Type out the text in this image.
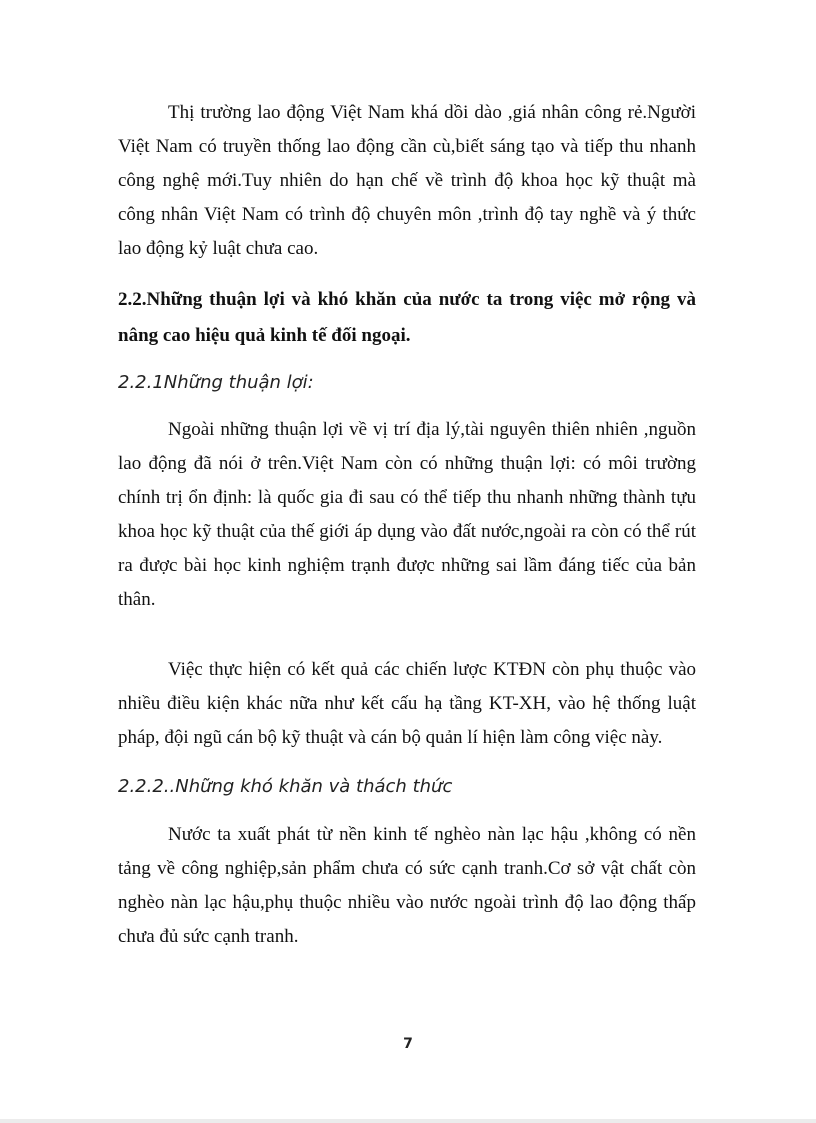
Thị trường lao động Việt Nam khá dồi dào ,giá nhân công rẻ.Người Việt Nam có truyền thống lao động cần cù,biết sáng tạo và tiếp thu nhanh công nghệ mới.Tuy nhiên do hạn chế về trình độ khoa học kỹ thuật mà công nhân Việt Nam có trình độ chuyên môn ,trình độ tay nghề và ý thức lao động kỷ luật chưa cao.

2.2.Những thuận lợi và khó khăn của nước ta trong việc mở rộng và nâng cao hiệu quả kinh tế đối ngoại.

2.2.1Những thuận lợi:

Ngoài những thuận lợi về vị trí địa lý,tài nguyên thiên nhiên ,nguồn lao động đã nói ở trên.Việt Nam còn có những thuận lợi: có môi trường chính trị ổn định: là quốc gia đi sau có thể tiếp thu nhanh những thành tựu khoa học kỹ thuật của thế giới áp dụng vào đất nước,ngoài ra còn có thể rút ra được bài học kinh nghiệm trạnh được những sai lầm đáng tiếc của bản thân.

Việc thực hiện có kết quả các chiến lược KTĐN còn phụ thuộc vào nhiều điều kiện khác nữa như kết cấu hạ tầng KT-XH, vào hệ thống luật pháp, đội ngũ cán bộ kỹ thuật và cán bộ quản lí hiện làm công việc này.

2.2.2..Những khó khăn và thách thức

Nước ta xuất phát từ nền kinh tế nghèo nàn lạc hậu ,không có nền tảng về công nghiệp,sản phẩm chưa có sức cạnh tranh.Cơ sở vật chất còn nghèo nàn lạc hậu,phụ thuộc nhiều vào nước ngoài trình độ lao động thấp chưa đủ sức cạnh tranh.

7
